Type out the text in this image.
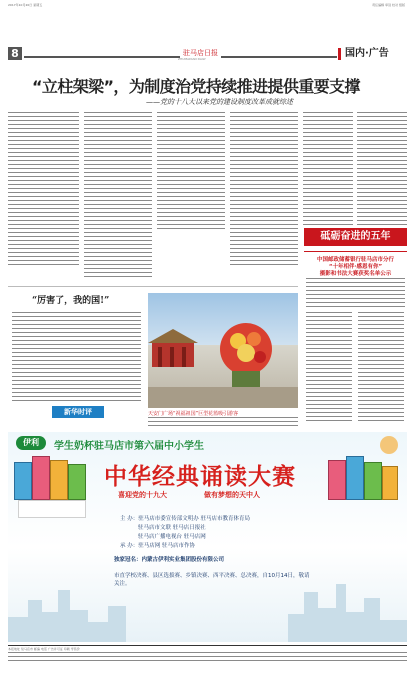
2017年10月20日 星期五	责任编辑 审读 校对 组版
8	驻马店日报
ZHUMADIAN DAILY	国内·广告
“立柱架梁”，为制度治党持续推进提供重要支撑
——党的十八大以来党的建设制度改革成就综述
砥砺奋进的五年
“厉害了，我的国!”
新华时评	天安门广场“祝福祖国”巨型花篮吸引游客
中国邮政储蓄银行驻马店市分行
“十年相伴·感恩有你”
摄影和书法大赛获奖名单公示
伊利	学生奶杯驻马店市第六届中小学生
中华经典诵读大赛
喜迎党的十九大	做有梦想的天中人
主 办：驻马店市委宣传部文明办 驻马店市教育体育局
驻马店市文联 驻马店日报社
驻马店广播电视台 驻马店网
承 办：驻马店网 驻马店市作协
独家冠名：内蒙古伊利实业集团股份有限公司
市直学校决赛、县区选拔赛、乡镇决赛、西平决赛、总决赛，自10月14日，敬请关注。
本报地址 驻马店市 邮编 电话 广告许可证 印刷 零售价
